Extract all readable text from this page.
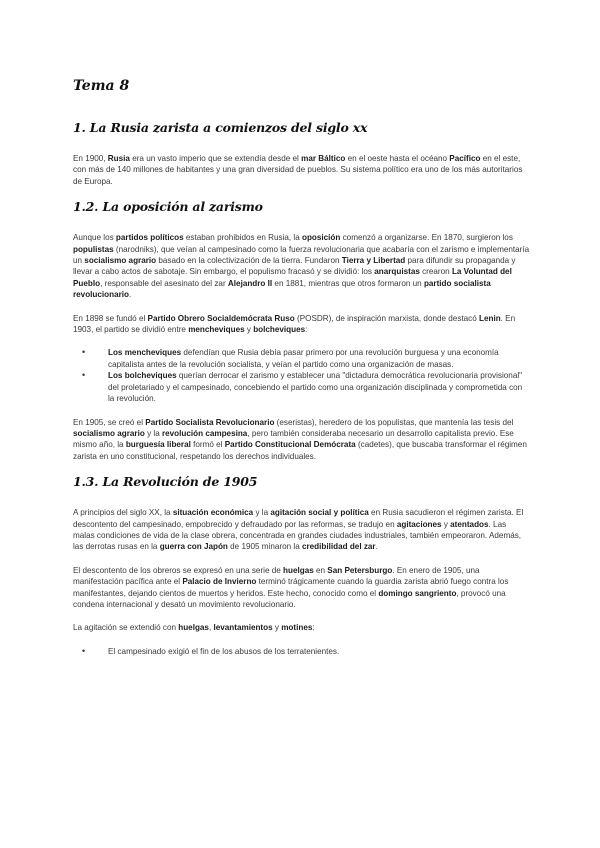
Tema 8
1. La Rusia zarista a comienzos del siglo xx

En 1900, Rusia era un vasto imperio que se extendía desde el mar Báltico en el oeste hasta el océano Pacífico en el este, con más de 140 millones de habitantes y una gran diversidad de pueblos. Su sistema político era uno de los más autoritarios de Europa.

1.2. La oposición al zarismo

Aunque los partidos políticos estaban prohibidos en Rusia, la oposición comenzó a organizarse. En 1870, surgieron los populistas (narodniks), que veían al campesinado como la fuerza revolucionaria que acabaría con el zarismo e implementaría un socialismo agrario basado en la colectivización de la tierra. Fundaron Tierra y Libertad para difundir su propaganda y llevar a cabo actos de sabotaje. Sin embargo, el populismo fracasó y se dividió: los anarquistas crearon La Voluntad del Pueblo, responsable del asesinato del zar Alejandro II en 1881, mientras que otros formaron un partido socialista revolucionario.

En 1898 se fundó el Partido Obrero Socialdemócrata Ruso (POSDR), de inspiración marxista, donde destacó Lenin. En 1903, el partido se dividió entre mencheviques y bolcheviques:

• Los mencheviques defendían que Rusia debía pasar primero por una revolución burguesa y una economía capitalista antes de la revolución socialista, y veían el partido como una organización de masas.
• Los bolcheviques querían derrocar el zarismo y establecer una "dictadura democrática revolucionaria provisional" del proletariado y el campesinado, concebiendo el partido como una organización disciplinada y comprometida con la revolución.

En 1905, se creó el Partido Socialista Revolucionario (eseristas), heredero de los populistas, que mantenía las tesis del socialismo agrario y la revolución campesina, pero también consideraba necesario un desarrollo capitalista previo. Ese mismo año, la burguesía liberal formó el Partido Constitucional Demócrata (cadetes), que buscaba transformar el régimen zarista en uno constitucional, respetando los derechos individuales.

1.3. La Revolución de 1905

A principios del siglo XX, la situación económica y la agitación social y política en Rusia sacudieron el régimen zarista. El descontento del campesinado, empobrecido y defraudado por las reformas, se tradujo en agitaciones y atentados. Las malas condiciones de vida de la clase obrera, concentrada en grandes ciudades industriales, también empeoraron. Además, las derrotas rusas en la guerra con Japón de 1905 minaron la credibilidad del zar.

El descontento de los obreros se expresó en una serie de huelgas en San Petersburgo. En enero de 1905, una manifestación pacífica ante el Palacio de Invierno terminó trágicamente cuando la guardia zarista abrió fuego contra los manifestantes, dejando cientos de muertos y heridos. Este hecho, conocido como el domingo sangriento, provocó una condena internacional y desató un movimiento revolucionario.

La agitación se extendió con huelgas, levantamientos y motines:

• El campesinado exigió el fin de los abusos de los terratenientes.
